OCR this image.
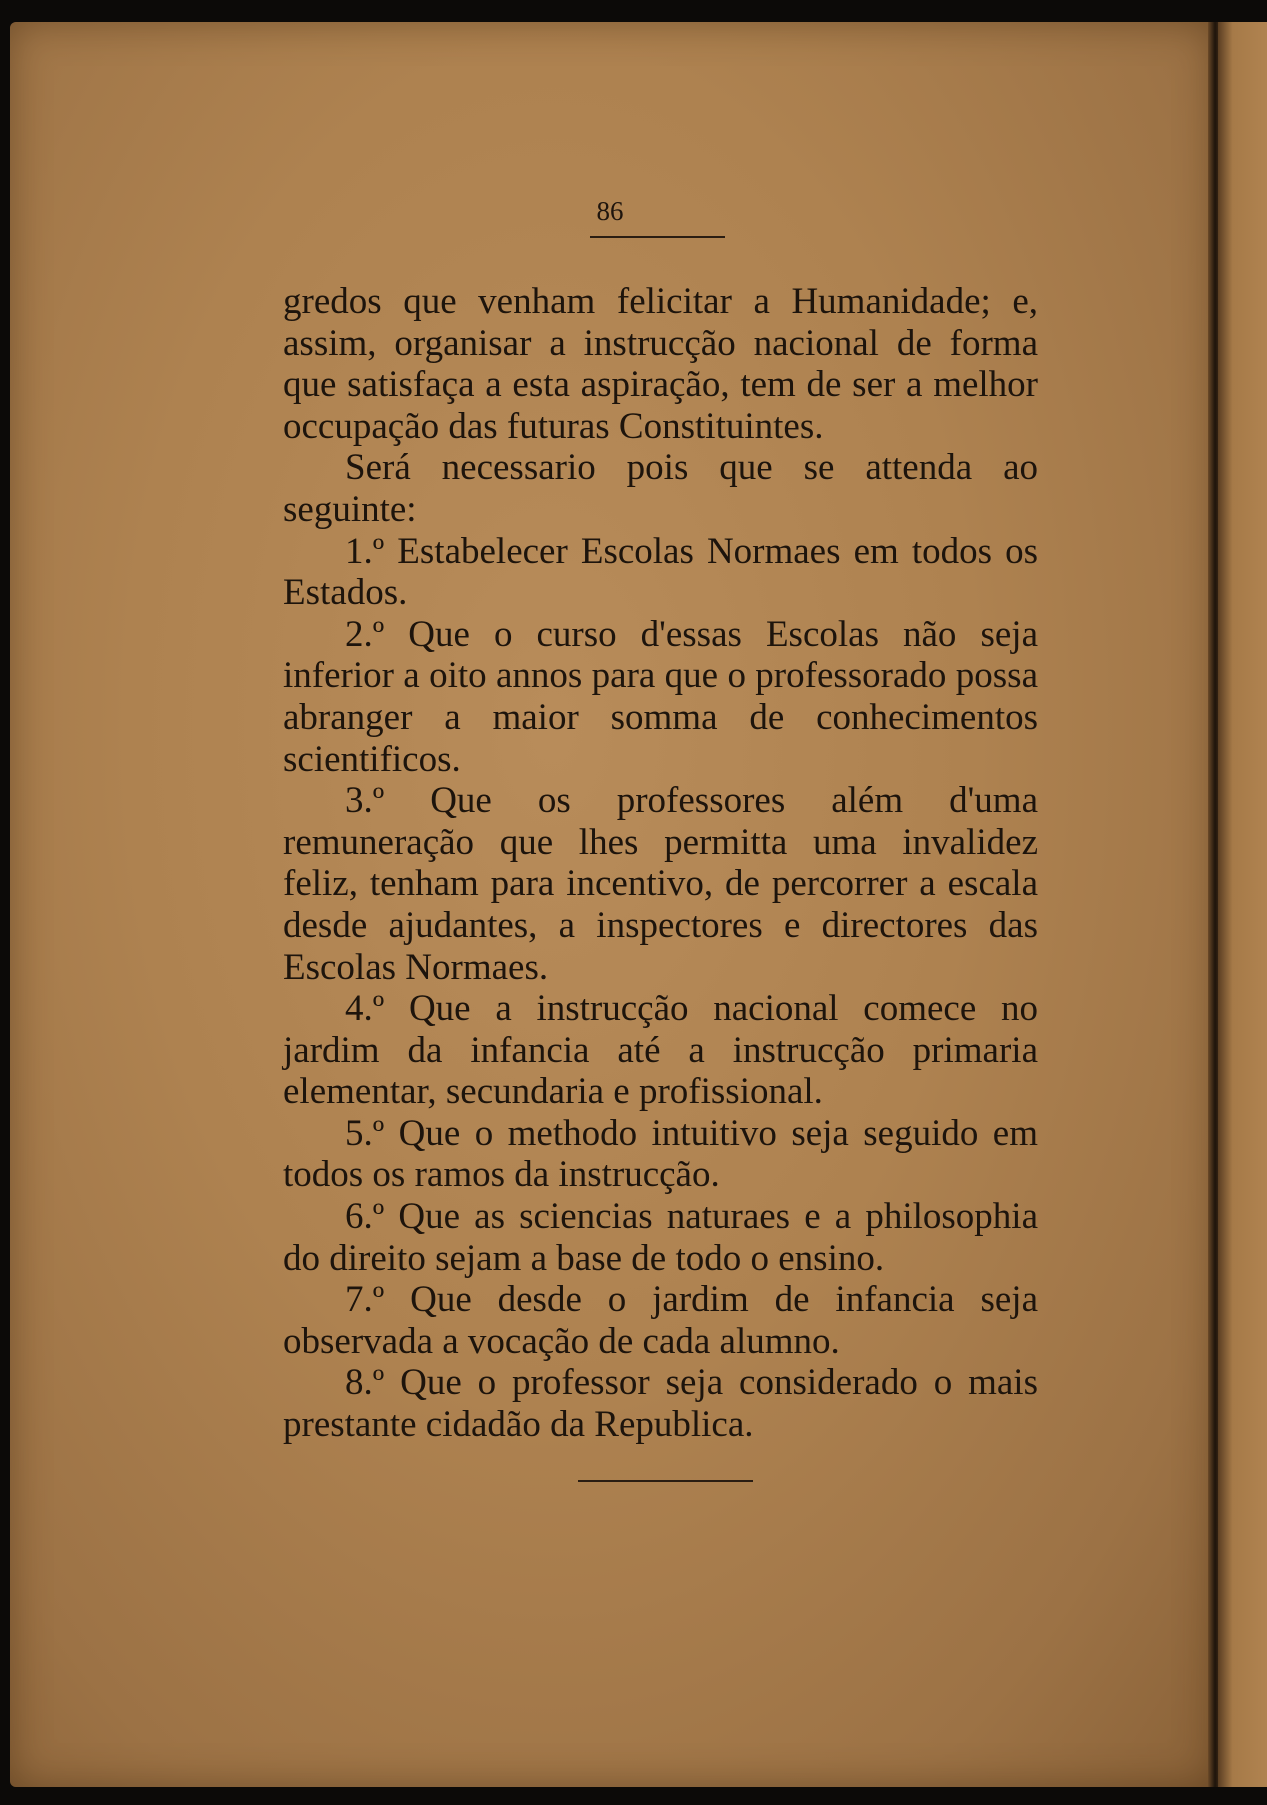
86

gredos que venham felicitar a Humanidade; e, assim, organisar a instrucção nacional de forma que satisfaça a esta aspiração, tem de ser a melhor occupação das futuras Constituintes.

Será necessario pois que se attenda ao seguinte:

1.º Estabelecer Escolas Normaes em todos os Estados.

2.º Que o curso d'essas Escolas não seja inferior a oito annos para que o professorado possa abranger a maior somma de conhecimentos scientificos.

3.º Que os professores além d'uma remuneração que lhes permitta uma invalidez feliz, tenham para incentivo, de percorrer a escala desde ajudantes, a inspectores e directores das Escolas Normaes.

4.º Que a instrucção nacional comece no jardim da infancia até a instrucção primaria elementar, secundaria e profissional.

5.º Que o methodo intuitivo seja seguido em todos os ramos da instrucção.

6.º Que as sciencias naturaes e a philosophia do direito sejam a base de todo o ensino.

7.º Que desde o jardim de infancia seja observada a vocação de cada alumno.

8.º Que o professor seja considerado o mais prestante cidadão da Republica.
